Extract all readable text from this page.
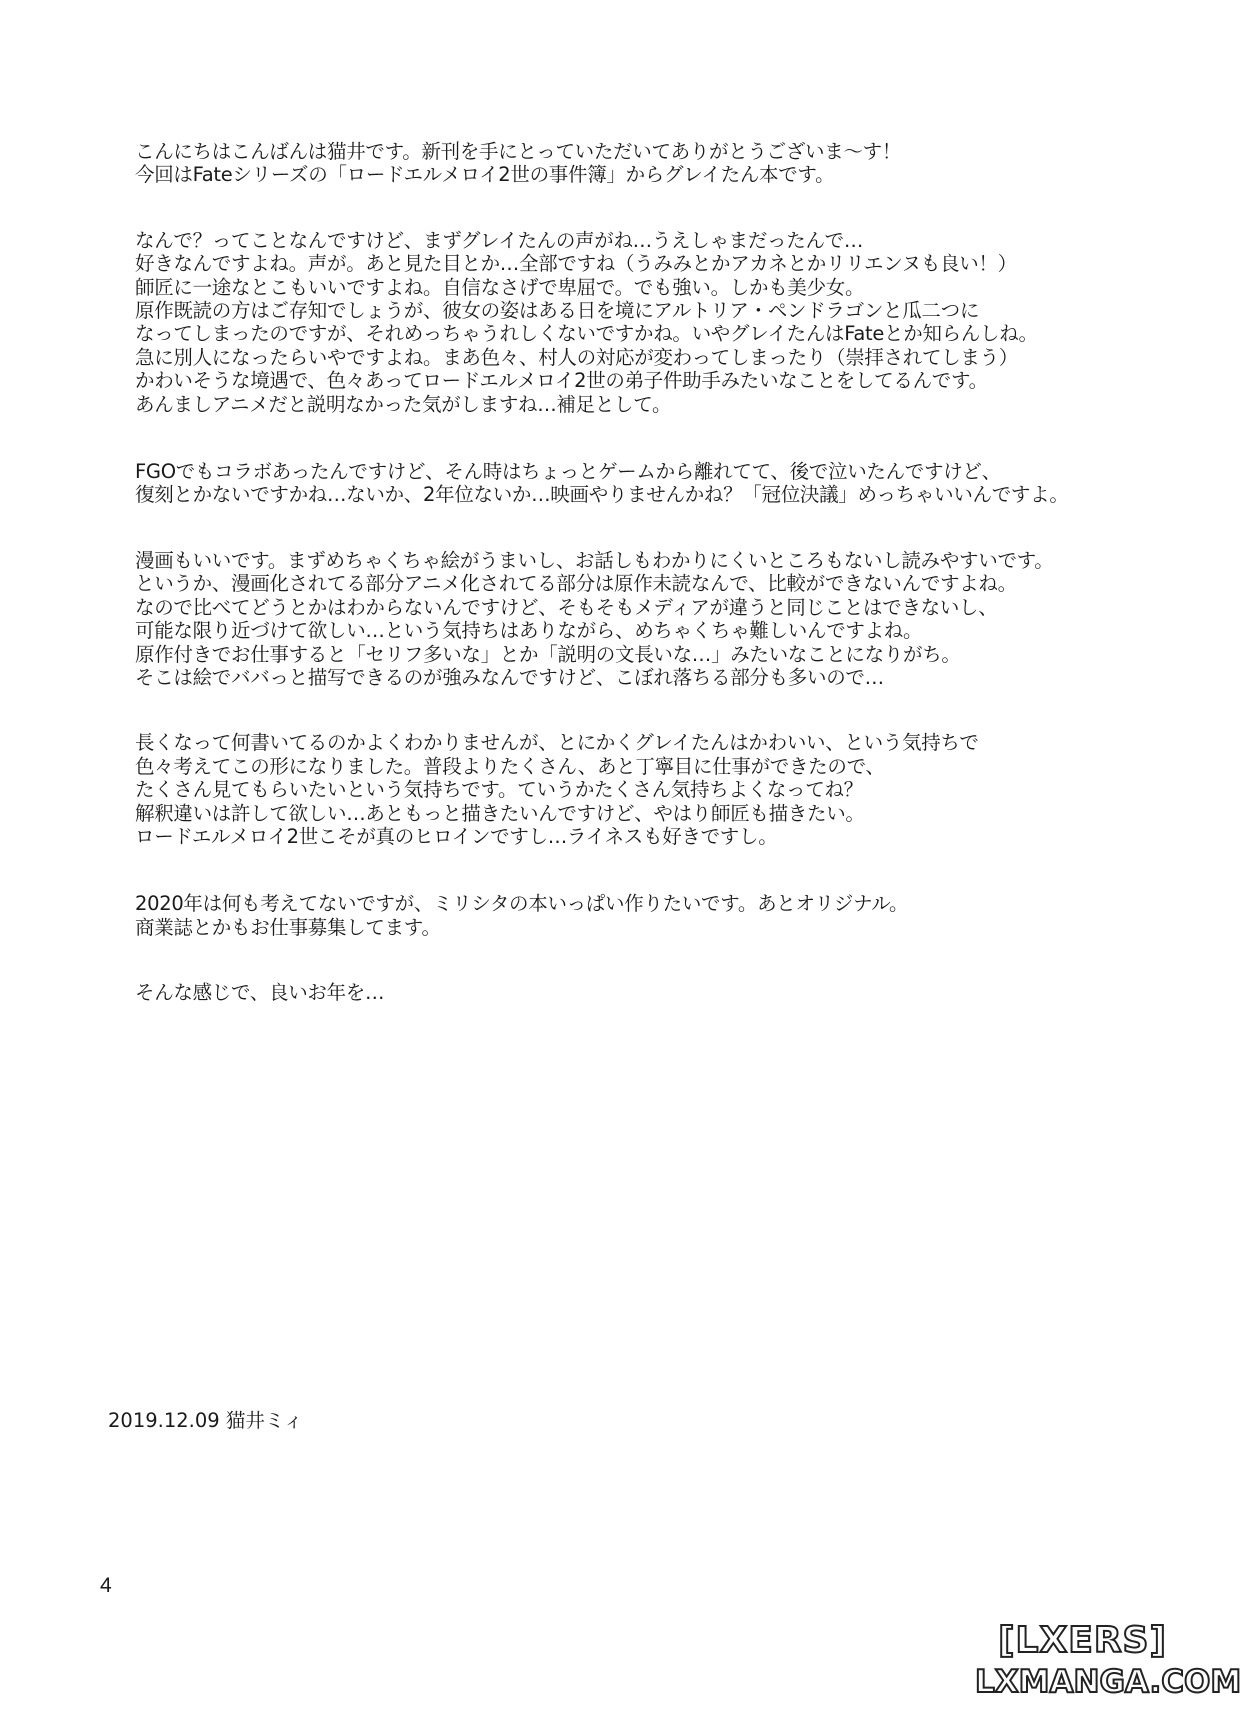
こんにちはこんばんは猫井です。新刊を手にとっていただいてありがとうございま～す！
今回はFateシリーズの「ロードエルメロイ2世の事件簿」からグレイたん本です。

なんで？ってことなんですけど、まずグレイたんの声がね…うえしゃまだったんで…
好きなんですよね。声が。あと見た目とか…全部ですね（うみみとかアカネとかリリエンヌも良い！）
師匠に一途なとこもいいですよね。自信なさげで卑屈で。でも強い。しかも美少女。
原作既読の方はご存知でしょうが、彼女の姿はある日を境にアルトリア・ペンドラゴンと瓜二つに
なってしまったのですが、それめっちゃうれしくないですかね。いやグレイたんはFateとか知らんしね。
急に別人になったらいやですよね。まあ色々、村人の対応が変わってしまったり（崇拝されてしまう）
かわいそうな境遇で、色々あってロードエルメロイ2世の弟子件助手みたいなことをしてるんです。
あんましアニメだと説明なかった気がしますね…補足として。

FGOでもコラボあったんですけど、そん時はちょっとゲームから離れてて、後で泣いたんですけど、
復刻とかないですかね…ないか、2年位ないか…映画やりませんかね？「冠位決議」めっちゃいいんですよ。

漫画もいいです。まずめちゃくちゃ絵がうまいし、お話しもわかりにくいところもないし読みやすいです。
というか、漫画化されてる部分アニメ化されてる部分は原作未読なんで、比較ができないんですよね。
なので比べてどうとかはわからないんですけど、そもそもメディアが違うと同じことはできないし、
可能な限り近づけて欲しい…という気持ちはありながら、めちゃくちゃ難しいんですよね。
原作付きでお仕事すると「セリフ多いな」とか「説明の文長いな…」みたいなことになりがち。
そこは絵でババっと描写できるのが強みなんですけど、こぼれ落ちる部分も多いので…

長くなって何書いてるのかよくわかりませんが、とにかくグレイたんはかわいい、という気持ちで
色々考えてこの形になりました。普段よりたくさん、あと丁寧目に仕事ができたので、
たくさん見てもらいたいという気持ちです。ていうかたくさん気持ちよくなってね？
解釈違いは許して欲しい…あともっと描きたいんですけど、やはり師匠も描きたい。
ロードエルメロイ2世こそが真のヒロインですし…ライネスも好きですし。

2020年は何も考えてないですが、ミリシタの本いっぱい作りたいです。あとオリジナル。
商業誌とかもお仕事募集してます。

そんな感じで、良いお年を…

2019.12.09 猫井ミィ
4
[LXERS]
LXMANGA.COM
